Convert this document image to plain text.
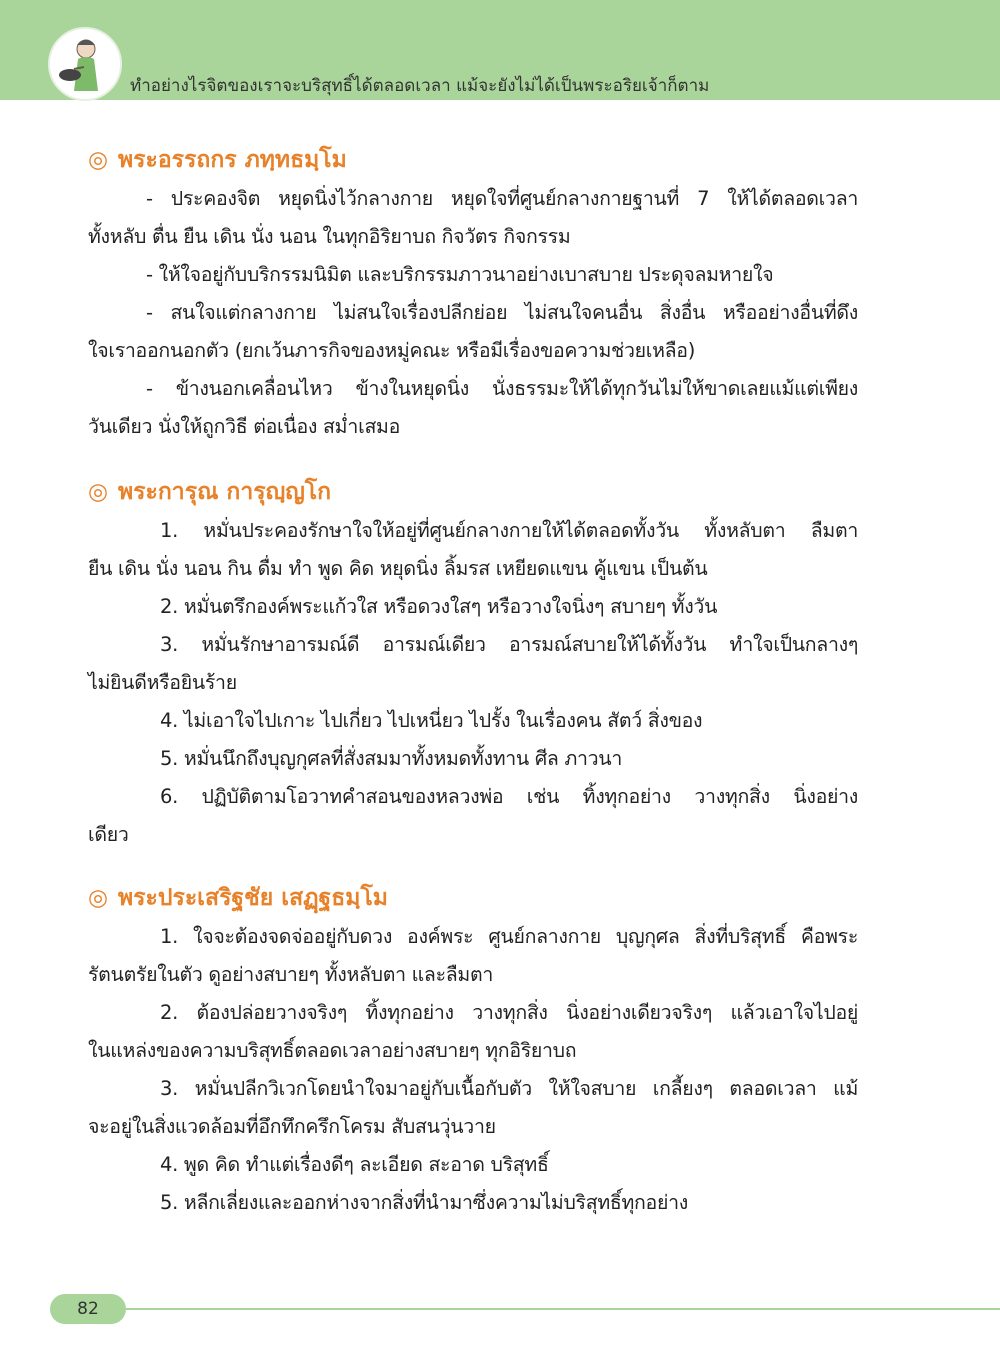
ทำอย่างไรจิตของเราจะบริสุทธิ์ได้ตลอดเวลา แม้จะยังไม่ได้เป็นพระอริยเจ้าก็ตาม
◎ พระอรรถกร ภทฺทธมฺโม
- ประคองจิต หยุดนิ่งไว้กลางกาย หยุดใจที่ศูนย์กลางกายฐานที่ 7 ให้ได้ตลอดเวลา
ทั้งหลับ ตื่น ยืน เดิน นั่ง นอน ในทุกอิริยาบถ กิจวัตร กิจกรรม
- ให้ใจอยู่กับบริกรรมนิมิต และบริกรรมภาวนาอย่างเบาสบาย ประดุจลมหายใจ
- สนใจแต่กลางกาย ไม่สนใจเรื่องปลีกย่อย ไม่สนใจคนอื่น สิ่งอื่น หรืออย่างอื่นที่ดึง
ใจเราออกนอกตัว (ยกเว้นภารกิจของหมู่คณะ หรือมีเรื่องขอความช่วยเหลือ)
- ข้างนอกเคลื่อนไหว ข้างในหยุดนิ่ง นั่งธรรมะให้ได้ทุกวันไม่ให้ขาดเลยแม้แต่เพียง
วันเดียว นั่งให้ถูกวิธี ต่อเนื่อง สม่ำเสมอ
◎ พระการุณ การุญฺญโก
1. หมั่นประคองรักษาใจให้อยู่ที่ศูนย์กลางกายให้ได้ตลอดทั้งวัน ทั้งหลับตา ลืมตา
ยืน เดิน นั่ง นอน กิน ดื่ม ทำ พูด คิด หยุดนิ่ง ลิ้มรส เหยียดแขน คู้แขน เป็นต้น
2. หมั่นตรึกองค์พระแก้วใส หรือดวงใสๆ หรือวางใจนิ่งๆ สบายๆ ทั้งวัน
3. หมั่นรักษาอารมณ์ดี อารมณ์เดียว อารมณ์สบายให้ได้ทั้งวัน ทำใจเป็นกลางๆ
ไม่ยินดีหรือยินร้าย
4. ไม่เอาใจไปเกาะ ไปเกี่ยว ไปเหนี่ยว ไปรั้ง ในเรื่องคน สัตว์ สิ่งของ
5. หมั่นนึกถึงบุญกุศลที่สั่งสมมาทั้งหมดทั้งทาน ศีล ภาวนา
6. ปฏิบัติตามโอวาทคำสอนของหลวงพ่อ เช่น ทิ้งทุกอย่าง วางทุกสิ่ง นิ่งอย่าง
เดียว
◎ พระประเสริฐชัย เสฏฺฐธมฺโม
1. ใจจะต้องจดจ่ออยู่กับดวง องค์พระ ศูนย์กลางกาย บุญกุศล สิ่งที่บริสุทธิ์ คือพระ
รัตนตรัยในตัว ดูอย่างสบายๆ ทั้งหลับตา และลืมตา
2. ต้องปล่อยวางจริงๆ ทิ้งทุกอย่าง วางทุกสิ่ง นิ่งอย่างเดียวจริงๆ แล้วเอาใจไปอยู่
ในแหล่งของความบริสุทธิ์ตลอดเวลาอย่างสบายๆ ทุกอิริยาบถ
3. หมั่นปลีกวิเวกโดยนำใจมาอยู่กับเนื้อกับตัว ให้ใจสบาย เกลี้ยงๆ ตลอดเวลา แม้
จะอยู่ในสิ่งแวดล้อมที่อึกทึกครึกโครม สับสนวุ่นวาย
4. พูด คิด ทำแต่เรื่องดีๆ ละเอียด สะอาด บริสุทธิ์
5. หลีกเลี่ยงและออกห่างจากสิ่งที่นำมาซึ่งความไม่บริสุทธิ์ทุกอย่าง
82
